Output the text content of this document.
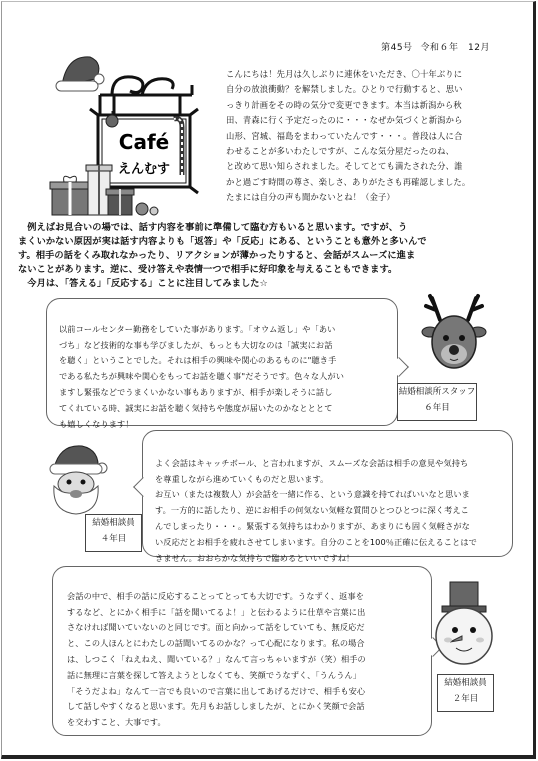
第45号 令和６年　12月
Café
えんむす
こんにちは！先月は久しぶりに連休をいただき、〇十年ぶりに
自分の放浪衝動？を解禁しました。ひとりで行動すると、思い
っきり計画をその時の気分で変更できます。本当は新潟から秋
田、青森に行く予定だったのに・・・なぜか気づくと新潟から
山形、宮城、福島をまわっていたんです・・・。普段は人に合
わせることが多いわたしですが、こんな気分屋だったのね、
と改めて思い知らされました。そしてとても満たされた分、誰
かと過ごす時間の尊さ、楽しさ、ありがたさも再確認しました。
たまには自分の声も聞かないとね！（金子）
　例えばお見合いの場では、話す内容を事前に準備して臨む方もいると思います。ですが、う
まくいかない原因が実は話す内容よりも「返答」や「反応」にある、ということも意外と多いんで
す。相手の話をくみ取れなかったり、リアクションが薄かったりすると、会話がスムーズに進ま
ないことがあります。逆に、受け答えや表情一つで相手に好印象を与えることもできます。
　今月は、「答える」「反応する」ことに注目してみました☆

以前コールセンター勤務をしていた事があります。「オウム返し」や「あい
づち」など技術的な事も学びましたが、もっとも大切なのは「誠実にお話
を聴く」ということでした。それは相手の興味や関心のあるものに"聴き手
である私たちが興味や関心をもってお話を聴く事"だそうです。色々な人がい
ますし緊張などでうまくいかない事もありますが、相手が楽しそうに話し
てくれている時、誠実にお話を聴く気持ちや態度が届いたのかなとととて
も嬉しくなります！

結婚相談所スタッフ
６年目

よく会話はキャッチボール、と言われますが、スムーズな会話は相手の意見や気持ち
を尊重しながら進めていくものだと思います。
お互い（または複数人）が会話を一緒に作る、という意識を持てればいいなと思いま
す。一方的に話したり、逆にお相手の何気ない気軽な質問ひとつひとつに深く考えこ
んでしまったり・・・。緊張する気持ちはわかりますが、あまりにも固く気軽さがな
い反応だとお相手を疲れさせてしまいます。自分のことを100％正確に伝えることはで
きません。おおらかな気持ちで臨めるといいですね！

結婚相談員
４年目

会話の中で、相手の話に反応することってとっても大切です。うなずく、返事を
するなど、とにかく相手に「話を聞いてるよ！」と伝わるように仕草や言葉に出
さなければ聞いていないのと同じです。面と向かって話をしていても、無反応だ
と、この人ほんとにわたしの話聞いてるのかな？って心配になります。私の場合
は、しつこく「ねえねえ、聞いている？」なんて言っちゃいますが（笑）相手の
話に無理に言葉を探して答えようとしなくても、笑顔でうなずく、「うんうん」
「そうだよね」なんて一言でも良いので言葉に出してあげるだけで、相手も安心
して話しやすくなると思います。先月もお話ししましたが、とにかく笑顔で会話
を交わすこと、大事です。

結婚相談員
２年目
